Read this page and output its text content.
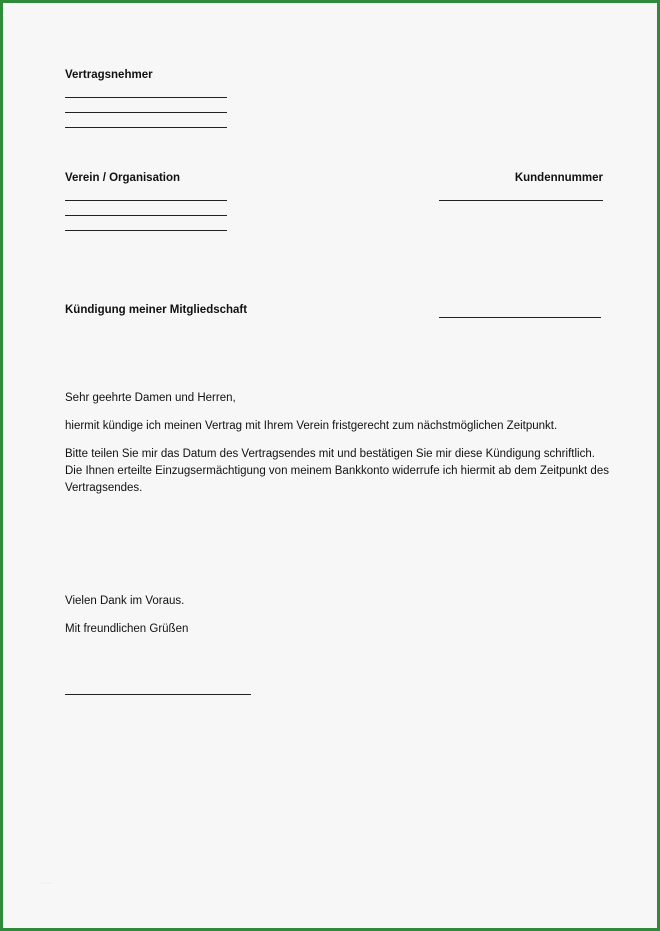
Vertragsnehmer
Verein / Organisation	Kundennummer
Kündigung meiner Mitgliedschaft
Sehr geehrte Damen und Herren,
hiermit kündige ich meinen Vertrag mit Ihrem Verein fristgerecht zum nächstmöglichen Zeitpunkt.
Bitte teilen Sie mir das Datum des Vertragsendes mit und bestätigen Sie mir diese Kündigung schriftlich.
Die Ihnen erteilte Einzugsermächtigung von meinem Bankkonto widerrufe ich hiermit ab dem Zeitpunkt des Vertragsendes.
Vielen Dank im Voraus.
Mit freundlichen Grüßen
·····
